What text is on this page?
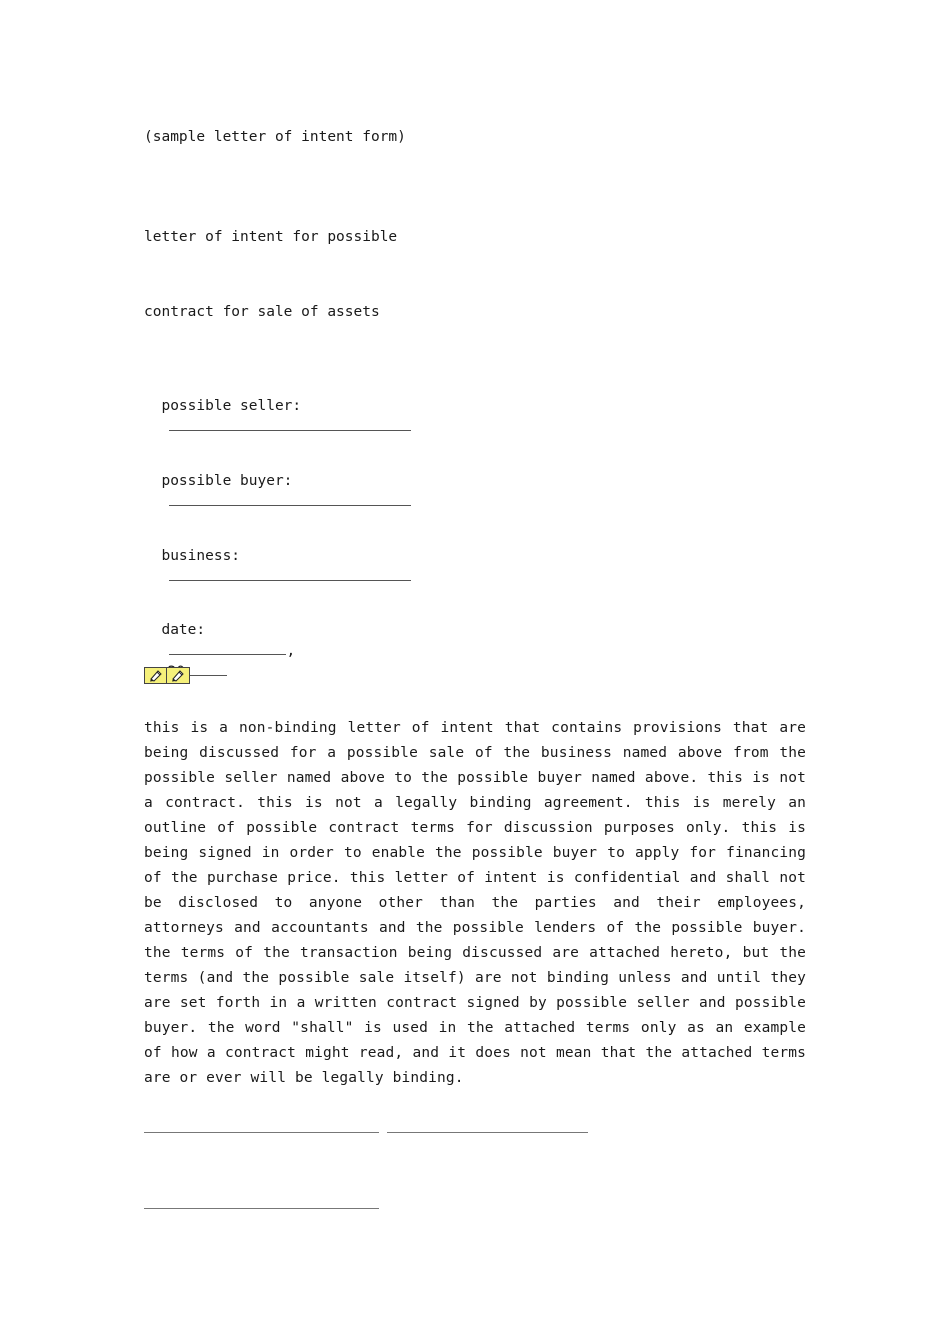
(sample letter of intent form)
letter of intent for possible
contract for sale of assets

possible seller:

possible buyer:

business:

date:
,

this is a non-binding letter of intent that contains provisions that are being discussed for a possible sale of the business named above from the possible seller named above to the possible buyer named above. this is not a contract. this is not a legally binding agreement. this is merely an outline of possible contract terms for discussion purposes only. this is being signed in order to enable the possible buyer to apply for financing of the purchase price. this letter of intent is confidential and shall not be disclosed to anyone other than the parties and their employees, attorneys and accountants and the possible lenders of the possible buyer. the terms of the transaction being discussed are attached hereto, but the terms (and the possible sale itself) are not binding unless and until they are set forth in a written contract signed by possible seller and possible buyer. the word "shall" is used in the attached terms only as an example of how a contract might read, and it does not mean that the attached terms are or ever will be legally binding.
